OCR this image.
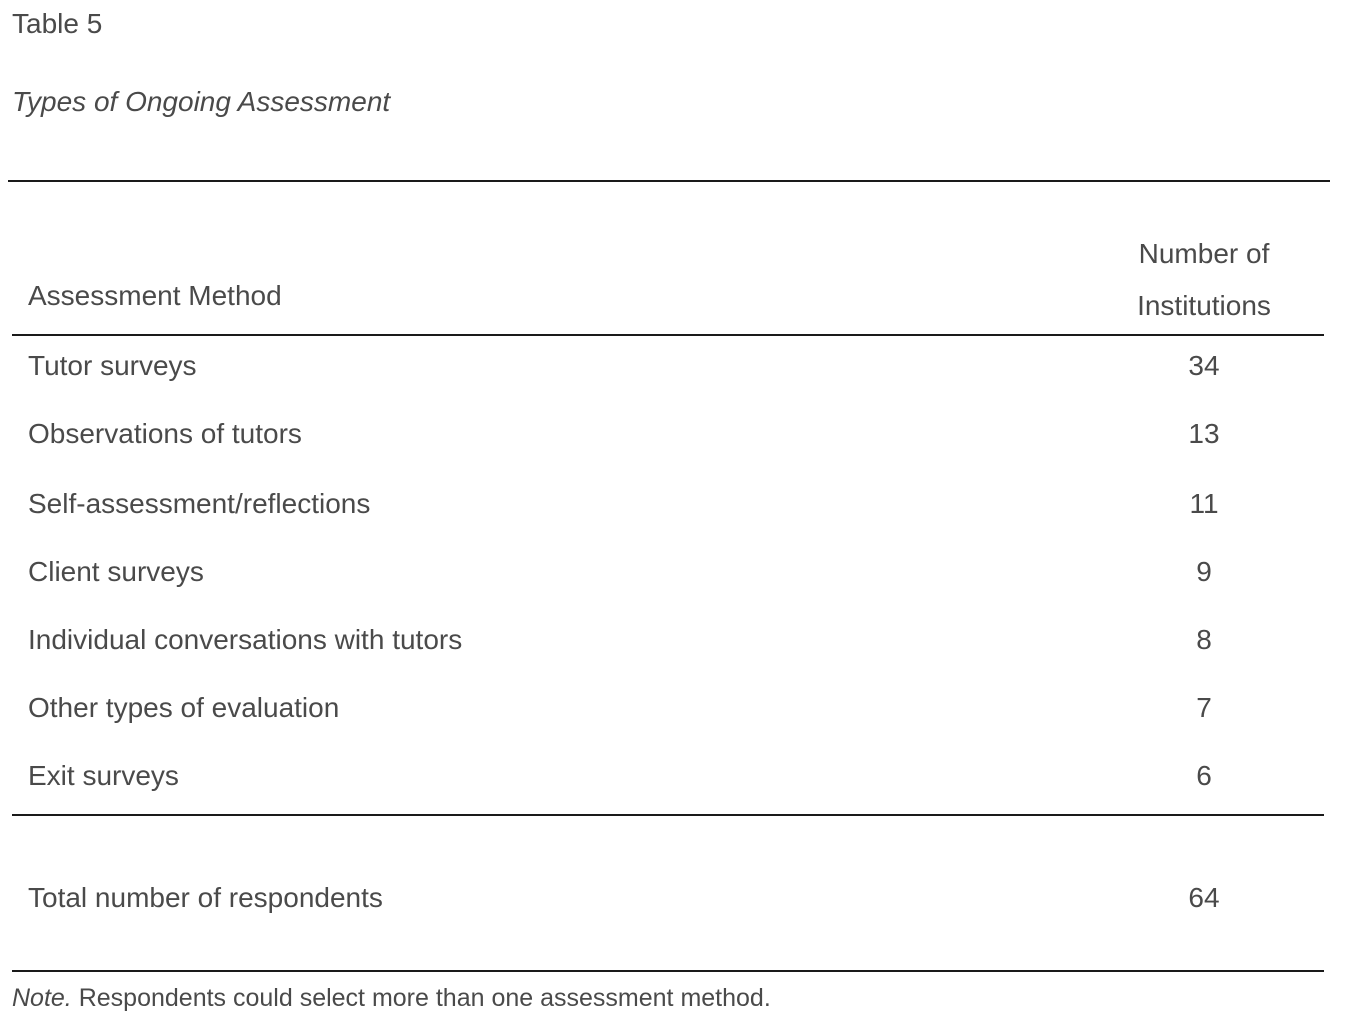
Table 5
Types of Ongoing Assessment
Assessment Method
Number of
Institutions
Tutor surveys	34
Observations of tutors	13
Self-assessment/reflections	11
Client surveys	9
Individual conversations with tutors	8
Other types of evaluation	7
Exit surveys	6
Total number of respondents	64
Note. Respondents could select more than one assessment method.
